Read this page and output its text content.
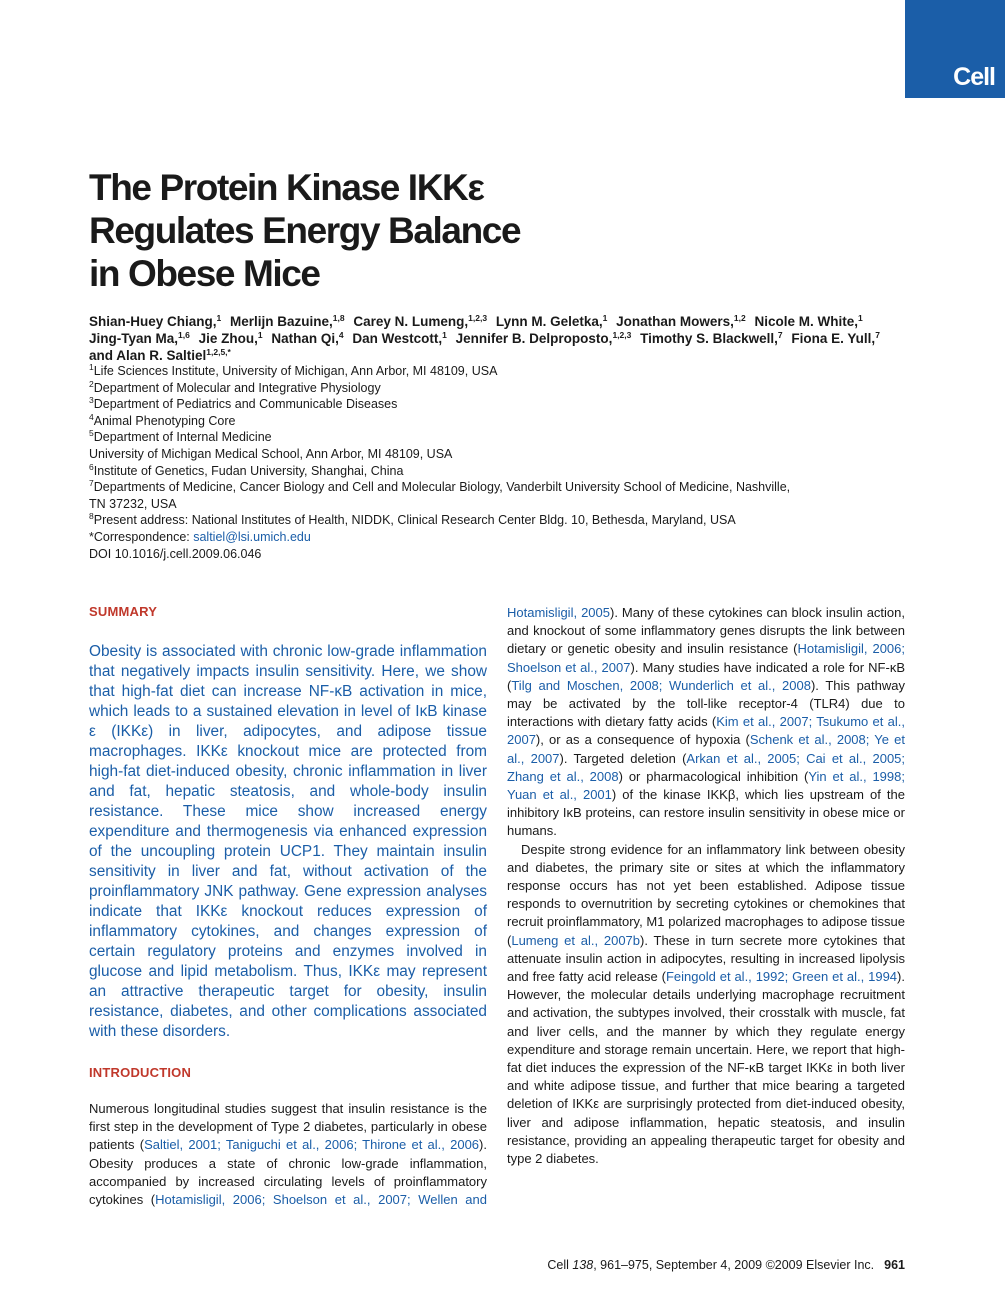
Cell
The Protein Kinase IKKε
Regulates Energy Balance
in Obese Mice
Shian-Huey Chiang,$^1$ Merlijn Bazuine,$^{1,8}$ Carey N. Lumeng,$^{1,2,3}$ Lynn M. Geletka,$^1$ Jonathan Mowers,$^{1,2}$ Nicole M. White,$^1$
Jing-Tyan Ma,$^{1,6}$ Jie Zhou,$^1$ Nathan Qi,$^4$ Dan Westcott,$^1$ Jennifer B. Delproposto,$^{1,2,3}$ Timothy S. Blackwell,$^7$ Fiona E. Yull,$^7$
and Alan R. Saltiel$^{1,2,5,*}$
$^1$Life Sciences Institute, University of Michigan, Ann Arbor, MI 48109, USA
$^2$Department of Molecular and Integrative Physiology
$^3$Department of Pediatrics and Communicable Diseases
$^4$Animal Phenotyping Core
$^5$Department of Internal Medicine
University of Michigan Medical School, Ann Arbor, MI 48109, USA
$^6$Institute of Genetics, Fudan University, Shanghai, China
$^7$Departments of Medicine, Cancer Biology and Cell and Molecular Biology, Vanderbilt University School of Medicine, Nashville,
TN 37232, USA
$^8$Present address: National Institutes of Health, NIDDK, Clinical Research Center Bldg. 10, Bethesda, Maryland, USA
*Correspondence: saltiel@lsi.umich.edu
DOI 10.1016/j.cell.2009.06.046
SUMMARY

Obesity is associated with chronic low-grade inflammation that negatively impacts insulin sensitivity. Here, we show that high-fat diet can increase NF-κB activation in mice, which leads to a sustained elevation in level of IκB kinase ε (IKKε) in liver, adipocytes, and adipose tissue macrophages. IKKε knockout mice are protected from high-fat diet-induced obesity, chronic inflammation in liver and fat, hepatic steatosis, and whole-body insulin resistance. These mice show increased energy expenditure and thermogenesis via enhanced expression of the uncoupling protein UCP1. They maintain insulin sensitivity in liver and fat, without activation of the proinflammatory JNK pathway. Gene expression analyses indicate that IKKε knockout reduces expression of inflammatory cytokines, and changes expression of certain regulatory proteins and enzymes involved in glucose and lipid metabolism. Thus, IKKε may represent an attractive therapeutic target for obesity, insulin resistance, diabetes, and other complications associated with these disorders.

INTRODUCTION

Numerous longitudinal studies suggest that insulin resistance is the first step in the development of Type 2 diabetes, particularly in obese patients (Saltiel, 2001; Taniguchi et al., 2006; Thirone et al., 2006). Obesity produces a state of chronic low-grade inflammation, accompanied by increased circulating levels of proinflammatory cytokines (Hotamisligil, 2006; Shoelson et al., 2007; Wellen and

Hotamisligil, 2005). Many of these cytokines can block insulin action, and knockout of some inflammatory genes disrupts the link between dietary or genetic obesity and insulin resistance (Hotamisligil, 2006; Shoelson et al., 2007). Many studies have indicated a role for NF-κB (Tilg and Moschen, 2008; Wunderlich et al., 2008). This pathway may be activated by the toll-like receptor-4 (TLR4) due to interactions with dietary fatty acids (Kim et al., 2007; Tsukumo et al., 2007), or as a consequence of hypoxia (Schenk et al., 2008; Ye et al., 2007). Targeted deletion (Arkan et al., 2005; Cai et al., 2005; Zhang et al., 2008) or pharmacological inhibition (Yin et al., 1998; Yuan et al., 2001) of the kinase IKKβ, which lies upstream of the inhibitory IκB proteins, can restore insulin sensitivity in obese mice or humans.

Despite strong evidence for an inflammatory link between obesity and diabetes, the primary site or sites at which the inflammatory response occurs has not yet been established. Adipose tissue responds to overnutrition by secreting cytokines or chemokines that recruit proinflammatory, M1 polarized macrophages to adipose tissue (Lumeng et al., 2007b). These in turn secrete more cytokines that attenuate insulin action in adipocytes, resulting in increased lipolysis and free fatty acid release (Feingold et al., 1992; Green et al., 1994). However, the molecular details underlying macrophage recruitment and activation, the subtypes involved, their crosstalk with muscle, fat and liver cells, and the manner by which they regulate energy expenditure and storage remain uncertain. Here, we report that high-fat diet induces the expression of the NF-κB target IKKε in both liver and white adipose tissue, and further that mice bearing a targeted deletion of IKKε are surprisingly protected from diet-induced obesity, liver and adipose inflammation, hepatic steatosis, and insulin resistance, providing an appealing therapeutic target for obesity and type 2 diabetes.

Cell 138, 961–975, September 4, 2009 ©2009 Elsevier Inc. 961
